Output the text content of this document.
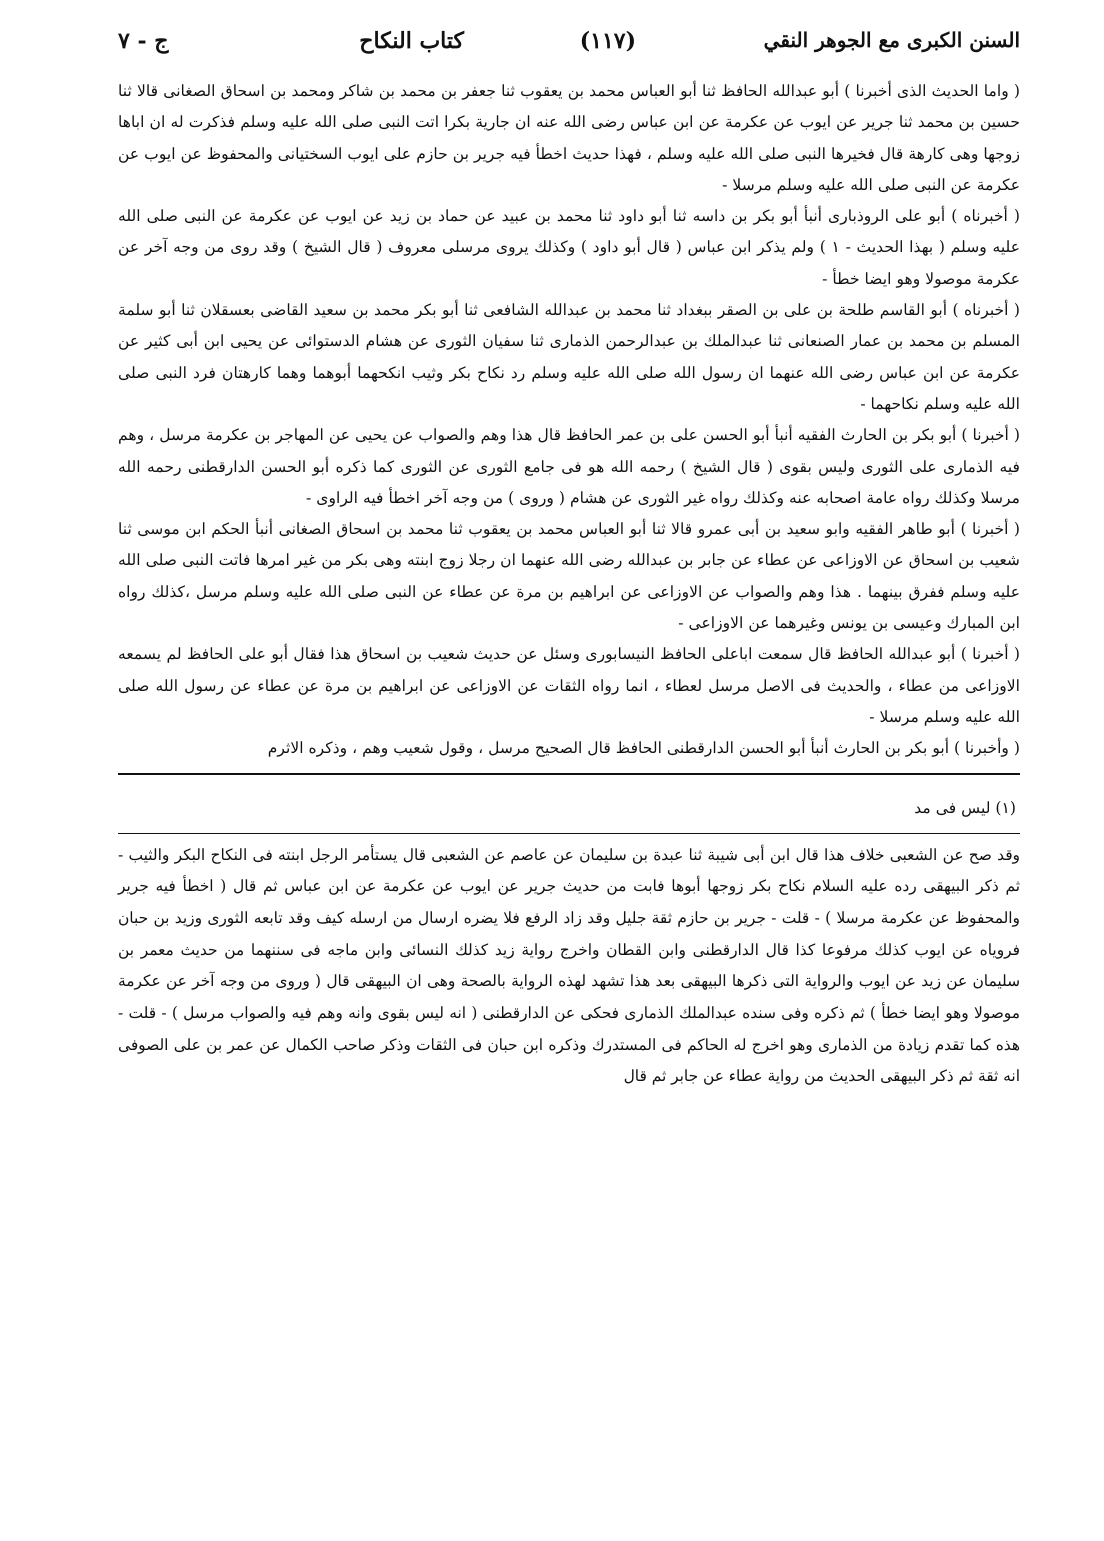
السنن الكبرى مع الجوهر النقي
(١١٧)
كتاب النكاح
ج - ٧

( واما الحديث الذى أخبرنا ) أبو عبدالله الحافظ ثنا أبو العباس محمد بن يعقوب ثنا جعفر بن محمد بن شاكر ومحمد بن اسحاق الصغانى قالا ثنا حسين بن محمد ثنا جرير عن ايوب عن عكرمة عن ابن عباس رضى الله عنه ان جارية بكرا اتت النبى صلى الله عليه وسلم فذكرت له ان اباها زوجها وهى كارهة قال فخيرها النبى صلى الله عليه وسلم ، فهذا حديث اخطأ فيه جرير بن حازم على ايوب السختيانى والمحفوظ عن ايوب عن عكرمة عن النبى صلى الله عليه وسلم مرسلا -

( أخبرناه ) أبو على الروذبارى أنبأ أبو بكر بن داسه ثنا أبو داود ثنا محمد بن عبيد عن حماد بن زيد عن ايوب عن عكرمة عن النبى صلى الله عليه وسلم ( بهذا الحديث - ١ ) ولم يذكر ابن عباس ( قال أبو داود ) وكذلك يروى مرسلى معروف ( قال الشيخ ) وقد روى من وجه آخر عن عكرمة موصولا وهو ايضا خطأ -

( أخبرناه ) أبو القاسم طلحة بن على بن الصقر ببغداد ثنا محمد بن عبدالله الشافعى ثنا أبو بكر محمد بن سعيد القاضى بعسقلان ثنا أبو سلمة المسلم بن محمد بن عمار الصنعانى ثنا عبدالملك بن عبدالرحمن الذمارى ثنا سفيان الثورى عن هشام الدستوائى عن يحيى ابن أبى كثير عن عكرمة عن ابن عباس رضى الله عنهما ان رسول الله صلى الله عليه وسلم رد نكاح بكر وثيب انكحهما أبوهما وهما كارهتان فرد النبى صلى الله عليه وسلم نكاحهما -

( أخبرنا ) أبو بكر بن الحارث الفقيه أنبأ أبو الحسن على بن عمر الحافظ قال هذا وهم والصواب عن يحيى عن المهاجر بن عكرمة مرسل ، وهم فيه الذمارى على الثورى وليس بقوى ( قال الشيخ ) رحمه الله هو فى جامع الثورى عن الثورى كما ذكره أبو الحسن الدارقطنى رحمه الله مرسلا وكذلك رواه عامة اصحابه عنه وكذلك رواه غير الثورى عن هشام ( وروى ) من وجه آخر اخطأ فيه الراوى -

( أخبرنا ) أبو طاهر الفقيه وابو سعيد بن أبى عمرو قالا ثنا أبو العباس محمد بن يعقوب ثنا محمد بن اسحاق الصغانى أنبأ الحكم ابن موسى ثنا شعيب بن اسحاق عن الاوزاعى عن عطاء عن جابر بن عبدالله رضى الله عنهما ان رجلا زوج ابنته وهى بكر من غير امرها فاتت النبى صلى الله عليه وسلم ففرق بينهما . هذا وهم والصواب عن الاوزاعى عن ابراهيم بن مرة عن عطاء عن النبى صلى الله عليه وسلم مرسل ،كذلك رواه ابن المبارك وعيسى بن يونس وغيرهما عن الاوزاعى -

( أخبرنا ) أبو عبدالله الحافظ قال سمعت اباعلى الحافظ النيسابورى وسئل عن حديث شعيب بن اسحاق هذا فقال أبو على الحافظ لم يسمعه الاوزاعى من عطاء ، والحديث فى الاصل مرسل لعطاء ، انما رواه الثقات عن الاوزاعى عن ابراهيم بن مرة عن عطاء عن رسول الله صلى الله عليه وسلم مرسلا -

( وأخبرنا ) أبو بكر بن الحارث أنبأ أبو الحسن الدارقطنى الحافظ قال الصحيح مرسل ، وقول شعيب وهم ، وذكره الاثرم

(١) ليس فى مد
وقد صح عن الشعبى خلاف هذا قال ابن أبى شيبة ثنا عبدة بن سليمان عن عاصم عن الشعبى قال يستأمر الرجل ابنته فى النكاح البكر والثيب - ثم ذكر البيهقى رده عليه السلام نكاح بكر زوجها أبوها فابت من حديث جرير عن ايوب عن عكرمة عن ابن عباس ثم قال ( اخطأ فيه جرير والمحفوظ عن عكرمة مرسلا ) - قلت - جرير بن حازم ثقة جليل وقد زاد الرفع فلا يضره ارسال من ارسله كيف وقد تابعه الثورى وزيد بن حبان فروياه عن ايوب كذلك مرفوعا كذا قال الدارقطنى وابن القطان واخرج رواية زيد كذلك النسائى وابن ماجه فى سننهما من حديث معمر بن سليمان عن زيد عن ايوب والرواية التى ذكرها البيهقى بعد هذا تشهد لهذه الرواية بالصحة وهى ان البيهقى قال ( وروى من وجه آخر عن عكرمة موصولا وهو ايضا خطأ ) ثم ذكره وفى سنده عبدالملك الذمارى فحكى عن الدارقطنى ( انه ليس بقوى وانه وهم فيه والصواب مرسل ) - قلت - هذه كما تقدم زيادة من الذمارى وهو اخرج له الحاكم فى المستدرك وذكره ابن حبان فى الثقات وذكر صاحب الكمال عن عمر بن على الصوفى انه ثقة ثم ذكر البيهقى الحديث من رواية عطاء عن جابر ثم قال
